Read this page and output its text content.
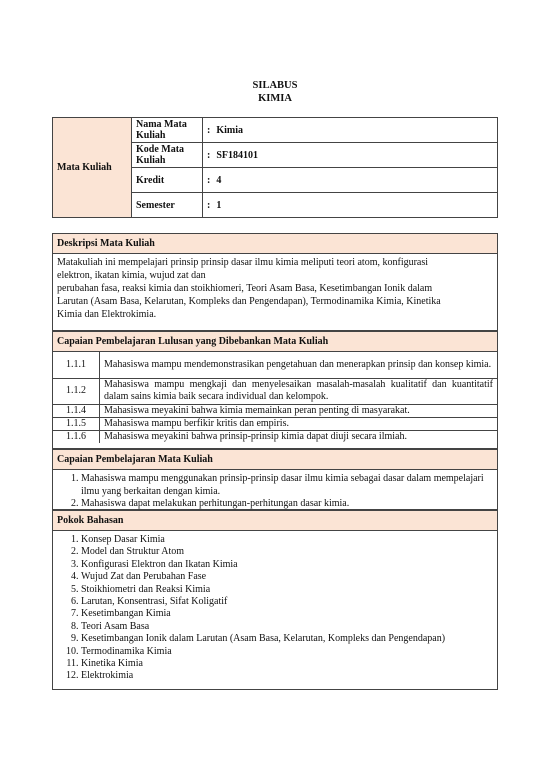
SILABUS
KIMIA
Mata Kuliah	Nama Mata Kuliah	: Kimia
	Kode Mata Kuliah	: SF184101
	Kredit	: 4
	Semester	: 1
Deskripsi Mata Kuliah
Matakuliah ini mempelajari prinsip prinsip dasar ilmu kimia meliputi teori atom, konfigurasi
elektron, ikatan kimia, wujud zat dan
perubahan fasa, reaksi kimia dan stoikhiomeri, Teori Asam Basa, Kesetimbangan Ionik dalam
Larutan (Asam Basa, Kelarutan, Kompleks dan Pengendapan), Termodinamika Kimia, Kinetika
Kimia dan Elektrokimia.
Capaian Pembelajaran Lulusan yang Dibebankan Mata Kuliah
1.1.1	Mahasiswa mampu mendemonstrasikan pengetahuan dan menerapkan prinsip dan konsep kimia.
1.1.2	Mahasiswa mampu mengkaji dan menyelesaikan masalah-masalah kualitatif dan kuantitatif dalam sains kimia baik secara individual dan kelompok.
1.1.4	Mahasiswa meyakini bahwa kimia memainkan peran penting di masyarakat.
1.1.5	Mahasiswa mampu berfikir kritis dan empiris.
1.1.6	Mahasiswa meyakini bahwa prinsip-prinsip kimia dapat diuji secara ilmiah.
Capaian Pembelajaran Mata Kuliah
1. Mahasiswa mampu menggunakan prinsip-prinsip dasar ilmu kimia sebagai dasar dalam mempelajari ilmu yang berkaitan dengan kimia.
2. Mahasiswa dapat melakukan perhitungan-perhitungan dasar kimia.
Pokok Bahasan
1. Konsep Dasar Kimia
2. Model dan Struktur Atom
3. Konfigurasi Elektron dan Ikatan Kimia
4. Wujud Zat dan Perubahan Fase
5. Stoikhiometri dan Reaksi Kimia
6. Larutan, Konsentrasi, Sifat Koligatif
7. Kesetimbangan Kimia
8. Teori Asam Basa
9. Kesetimbangan Ionik dalam Larutan (Asam Basa, Kelarutan, Kompleks dan Pengendapan)
10. Termodinamika Kimia
11. Kinetika Kimia
12. Elektrokimia
